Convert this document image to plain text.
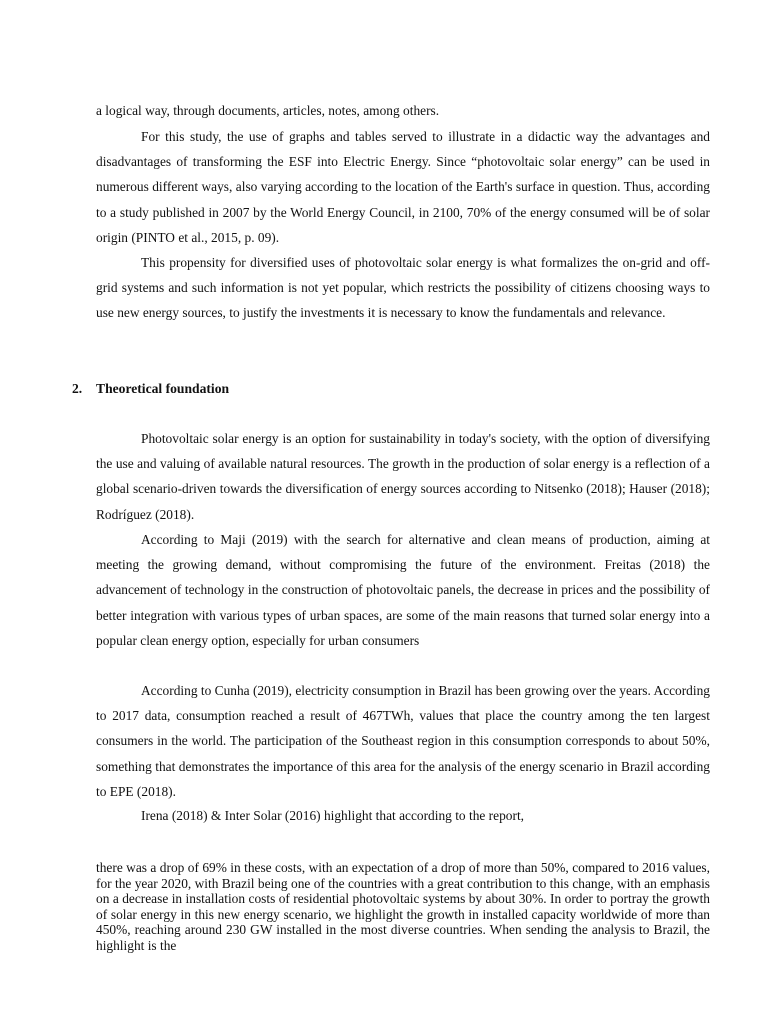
a logical way, through documents, articles, notes, among others.

For this study, the use of graphs and tables served to illustrate in a didactic way the advantages and disadvantages of transforming the ESF into Electric Energy. Since “photovoltaic solar energy” can be used in numerous different ways, also varying according to the location of the Earth's surface in question. Thus, according to a study published in 2007 by the World Energy Council, in 2100, 70% of the energy consumed will be of solar origin (PINTO et al., 2015, p. 09).

This propensity for diversified uses of photovoltaic solar energy is what formalizes the on-grid and off-grid systems and such information is not yet popular, which restricts the possibility of citizens choosing ways to use new energy sources, to justify the investments it is necessary to know the fundamentals and relevance.

2. Theoretical foundation

Photovoltaic solar energy is an option for sustainability in today's society, with the option of diversifying the use and valuing of available natural resources. The growth in the production of solar energy is a reflection of a global scenario-driven towards the diversification of energy sources according to Nitsenko (2018); Hauser (2018); Rodríguez (2018).

According to Maji (2019) with the search for alternative and clean means of production, aiming at meeting the growing demand, without compromising the future of the environment. Freitas (2018) the advancement of technology in the construction of photovoltaic panels, the decrease in prices and the possibility of better integration with various types of urban spaces, are some of the main reasons that turned solar energy into a popular clean energy option, especially for urban consumers

According to Cunha (2019), electricity consumption in Brazil has been growing over the years. According to 2017 data, consumption reached a result of 467TWh, values that place the country among the ten largest consumers in the world. The participation of the Southeast region in this consumption corresponds to about 50%, something that demonstrates the importance of this area for the analysis of the energy scenario in Brazil according to EPE (2018).

Irena (2018) & Inter Solar (2016) highlight that according to the report,

there was a drop of 69% in these costs, with an expectation of a drop of more than 50%, compared to 2016 values, for the year 2020, with Brazil being one of the countries with a great contribution to this change, with an emphasis on a decrease in installation costs of residential photovoltaic systems by about 30%. In order to portray the growth of solar energy in this new energy scenario, we highlight the growth in installed capacity worldwide of more than 450%, reaching around 230 GW installed in the most diverse countries. When sending the analysis to Brazil, the highlight is the
